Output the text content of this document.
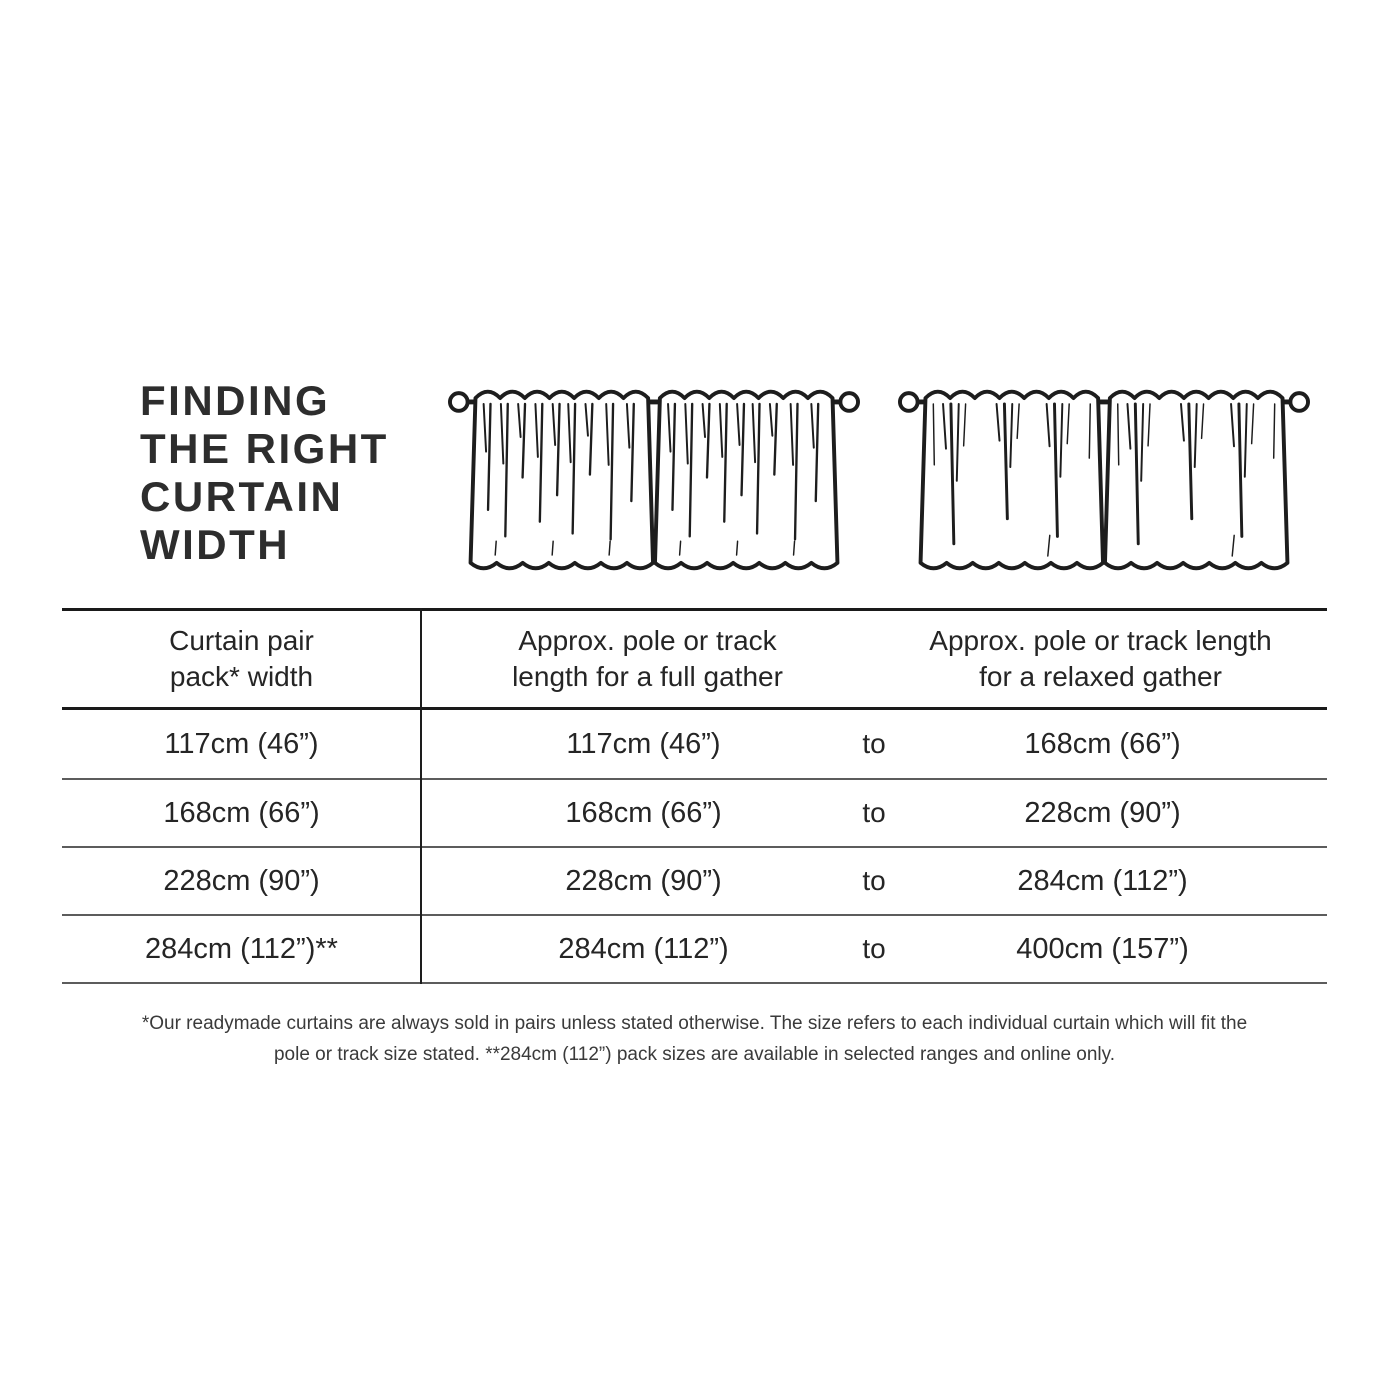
FINDING
THE RIGHT
CURTAIN
WIDTH
Curtain pair
pack* width
Approx. pole or track
length for a full gather
Approx. pole or track length
for a relaxed gather
117cm (46”)	117cm (46”)	to	168cm (66”)
168cm (66”)	168cm (66”)	to	228cm (90”)
228cm (90”)	228cm (90”)	to	284cm (112”)
284cm (112”)**	284cm (112”)	to	400cm (157”)
*Our readymade curtains are always sold in pairs unless stated otherwise. The size refers to each individual curtain which will fit the pole or track size stated. **284cm (112”) pack sizes are available in selected ranges and online only.
